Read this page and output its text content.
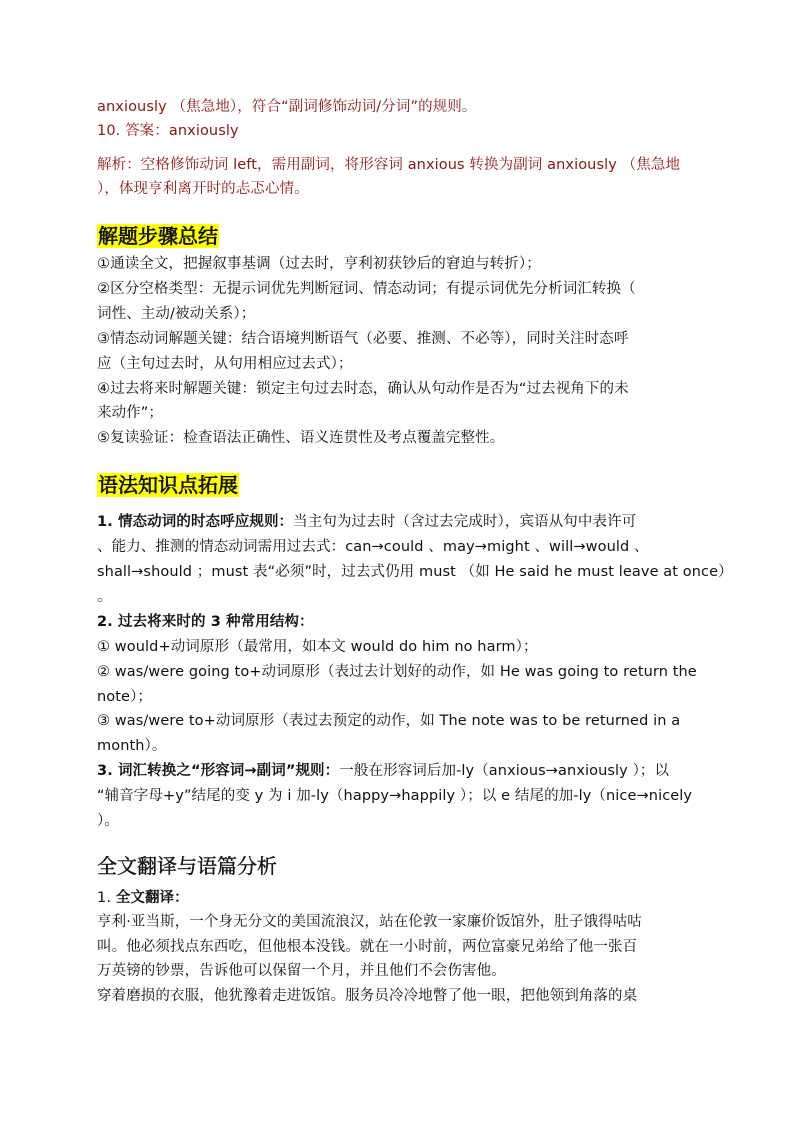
anxiously （焦急地），符合“副词修饰动词/分词”的规则。
10. 答案：anxiously
解析：空格修饰动词 left，需用副词，将形容词 anxious 转换为副词 anxiously （焦急地
），体现亨利离开时的忐忑心情。
解题步骤总结
①通读全文，把握叙事基调（过去时，亨利初获钞后的窘迫与转折）；
②区分空格类型：无提示词优先判断冠词、情态动词；有提示词优先分析词汇转换（
词性、主动/被动关系）；
③情态动词解题关键：结合语境判断语气（必要、推测、不必等），同时关注时态呼
应（主句过去时，从句用相应过去式）；
④过去将来时解题关键：锁定主句过去时态，确认从句动作是否为“过去视角下的未
来动作”；
⑤复读验证：检查语法正确性、语义连贯性及考点覆盖完整性。
语法知识点拓展
1. 情态动词的时态呼应规则：当主句为过去时（含过去完成时），宾语从句中表许可
、能力、推测的情态动词需用过去式：can→could 、may→might 、will→would 、
shall→should ；must 表“必须”时，过去式仍用 must （如 He said he must leave at once）
。
2. 过去将来时的 3 种常用结构：
① would+动词原形（最常用，如本文 would do him no harm）；
② was/were going to+动词原形（表过去计划好的动作，如 He was going to return the
note）；
③ was/were to+动词原形（表过去预定的动作，如 The note was to be returned in a
month）。
3. 词汇转换之“形容词→副词”规则：一般在形容词后加-ly（anxious→anxiously ）；以
“辅音字母+y”结尾的变 y 为 i 加-ly（happy→happily ）；以 e 结尾的加-ly（nice→nicely
）。
全文翻译与语篇分析
1. 全文翻译：
亨利·亚当斯，一个身无分文的美国流浪汉，站在伦敦一家廉价饭馆外，肚子饿得咕咕
叫。他必须找点东西吃，但他根本没钱。就在一小时前，两位富豪兄弟给了他一张百
万英镑的钞票，告诉他可以保留一个月，并且他们不会伤害他。
穿着磨损的衣服，他犹豫着走进饭馆。服务员冷冷地瞥了他一眼，把他领到角落的桌
